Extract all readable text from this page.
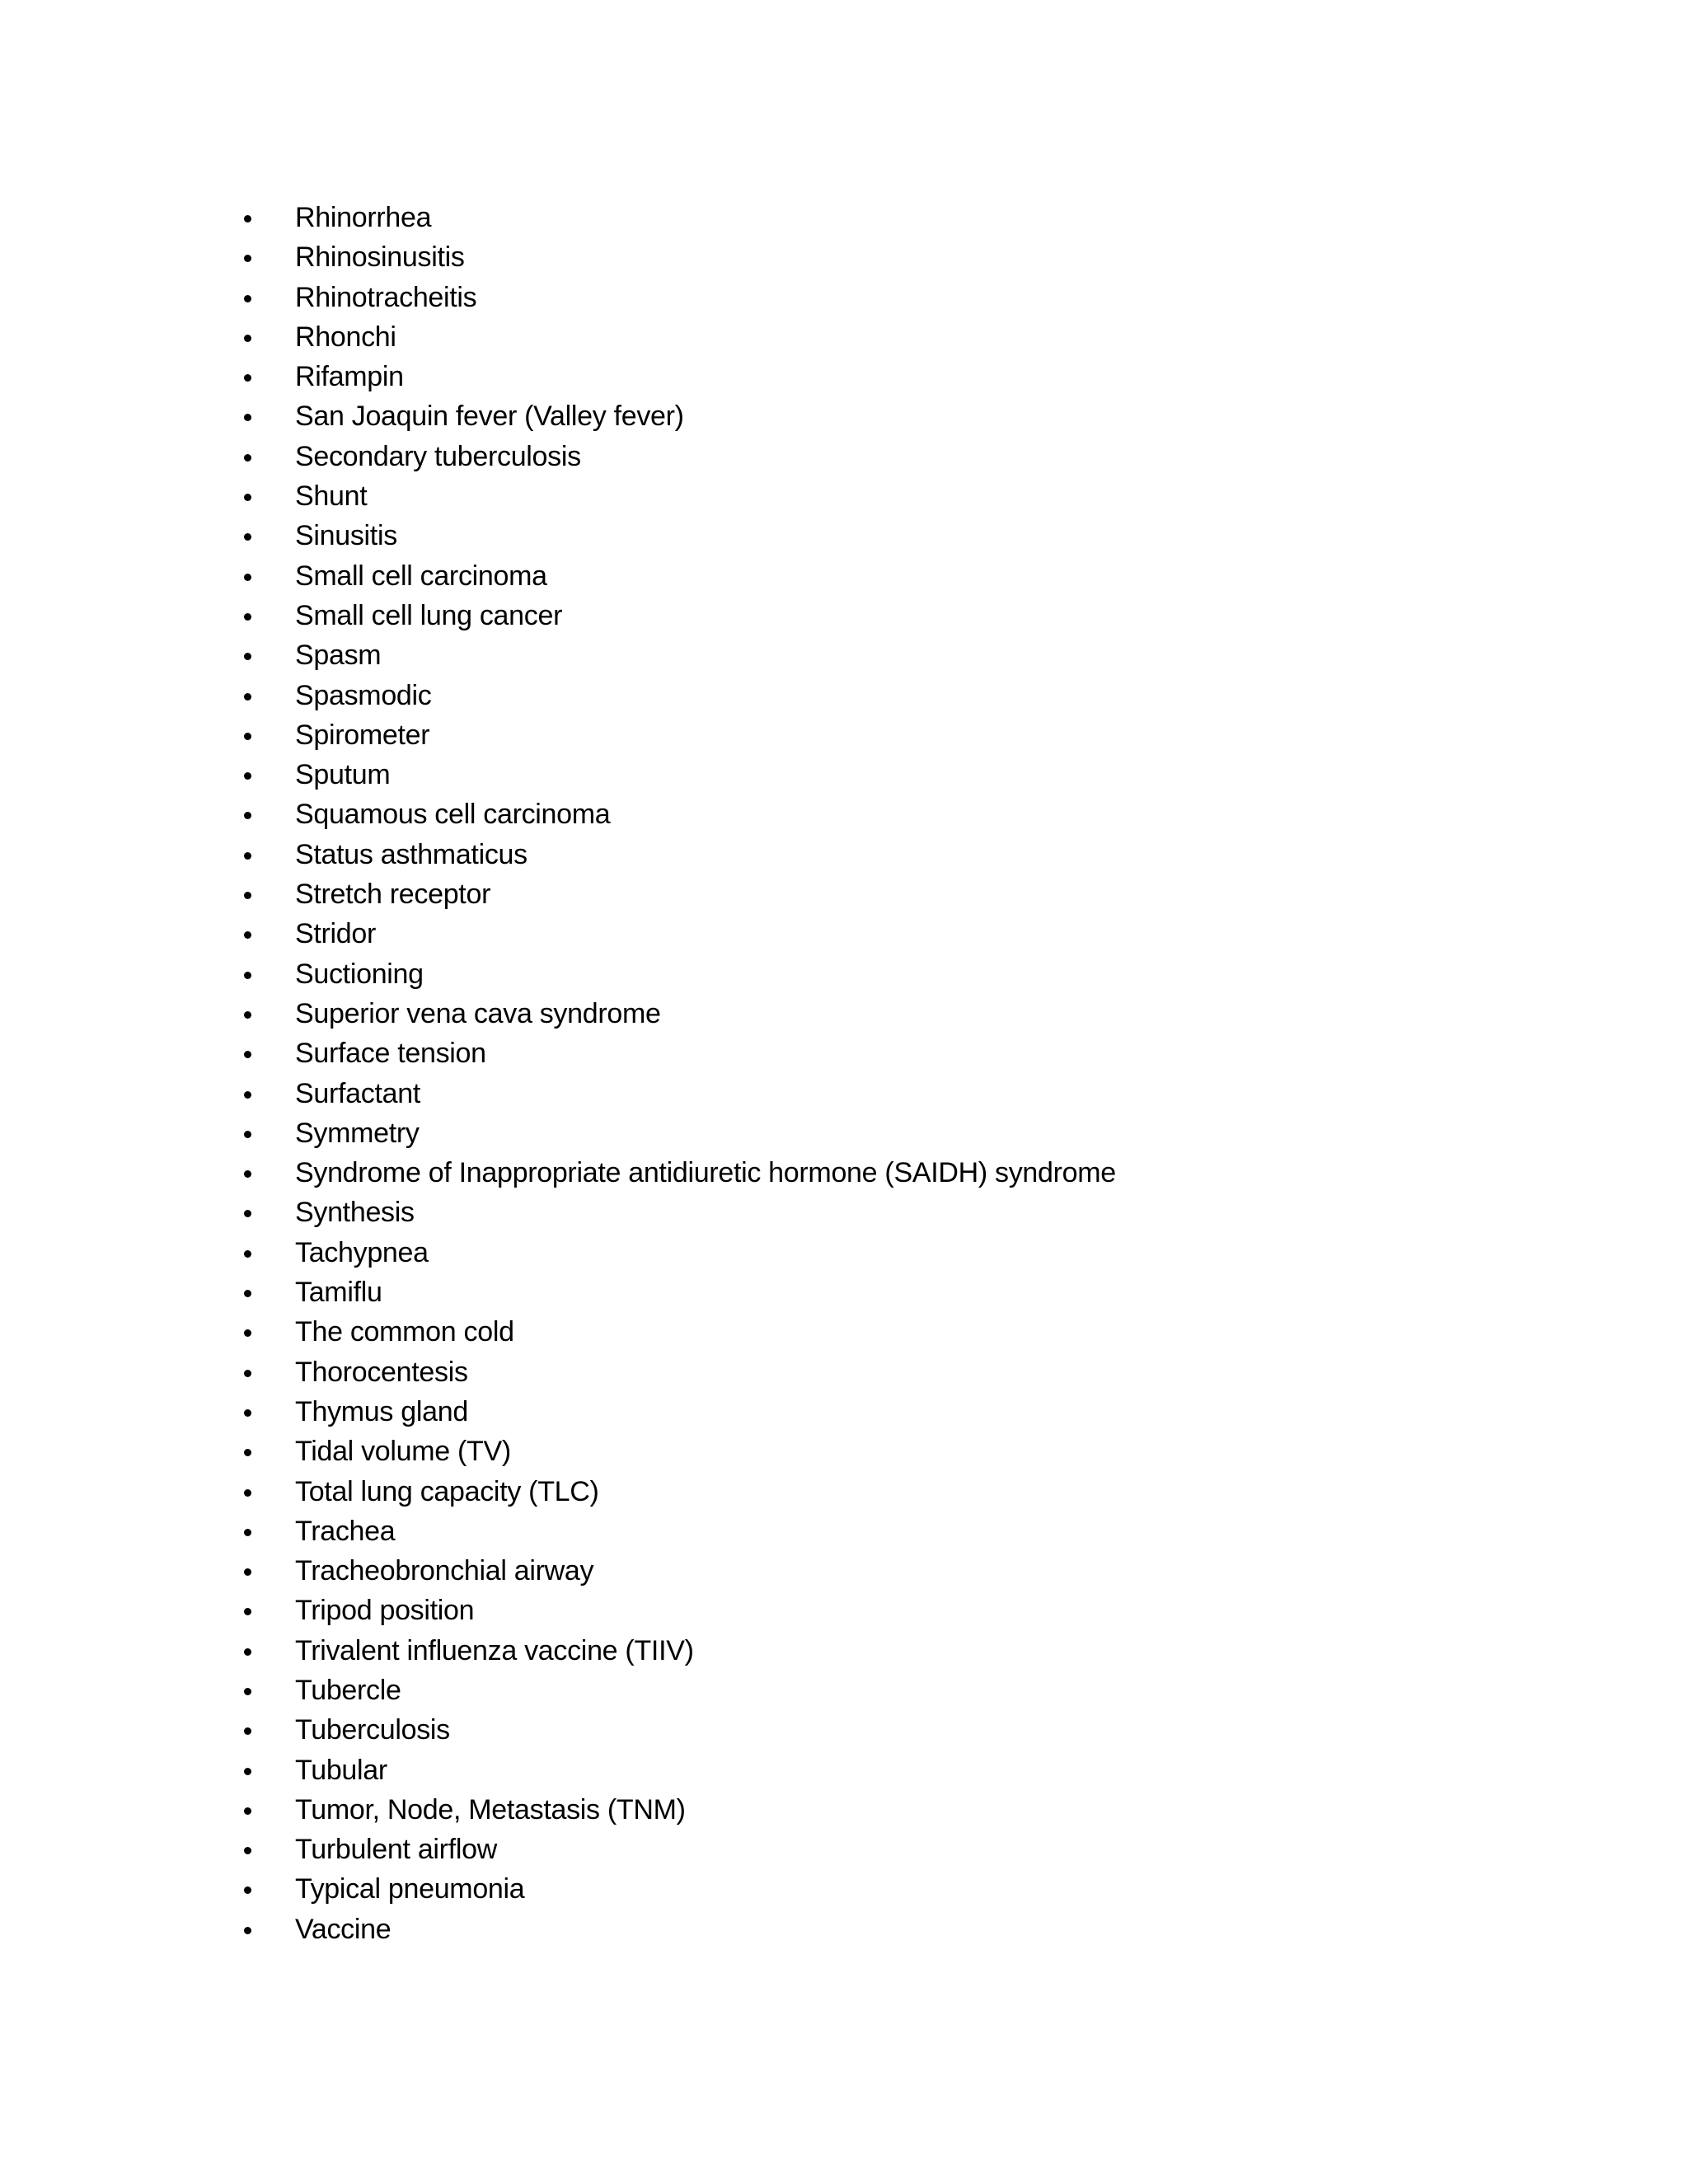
Rhinorrhea
Rhinosinusitis
Rhinotracheitis
Rhonchi
Rifampin
San Joaquin fever (Valley fever)
Secondary tuberculosis
Shunt
Sinusitis
Small cell carcinoma
Small cell lung cancer
Spasm
Spasmodic
Spirometer
Sputum
Squamous cell carcinoma
Status asthmaticus
Stretch receptor
Stridor
Suctioning
Superior vena cava syndrome
Surface tension
Surfactant
Symmetry
Syndrome of Inappropriate antidiuretic hormone (SAIDH) syndrome
Synthesis
Tachypnea
Tamiflu
The common cold
Thorocentesis
Thymus gland
Tidal volume (TV)
Total lung capacity (TLC)
Trachea
Tracheobronchial airway
Tripod position
Trivalent influenza vaccine (TIIV)
Tubercle
Tuberculosis
Tubular
Tumor, Node, Metastasis (TNM)
Turbulent airflow
Typical pneumonia
Vaccine
